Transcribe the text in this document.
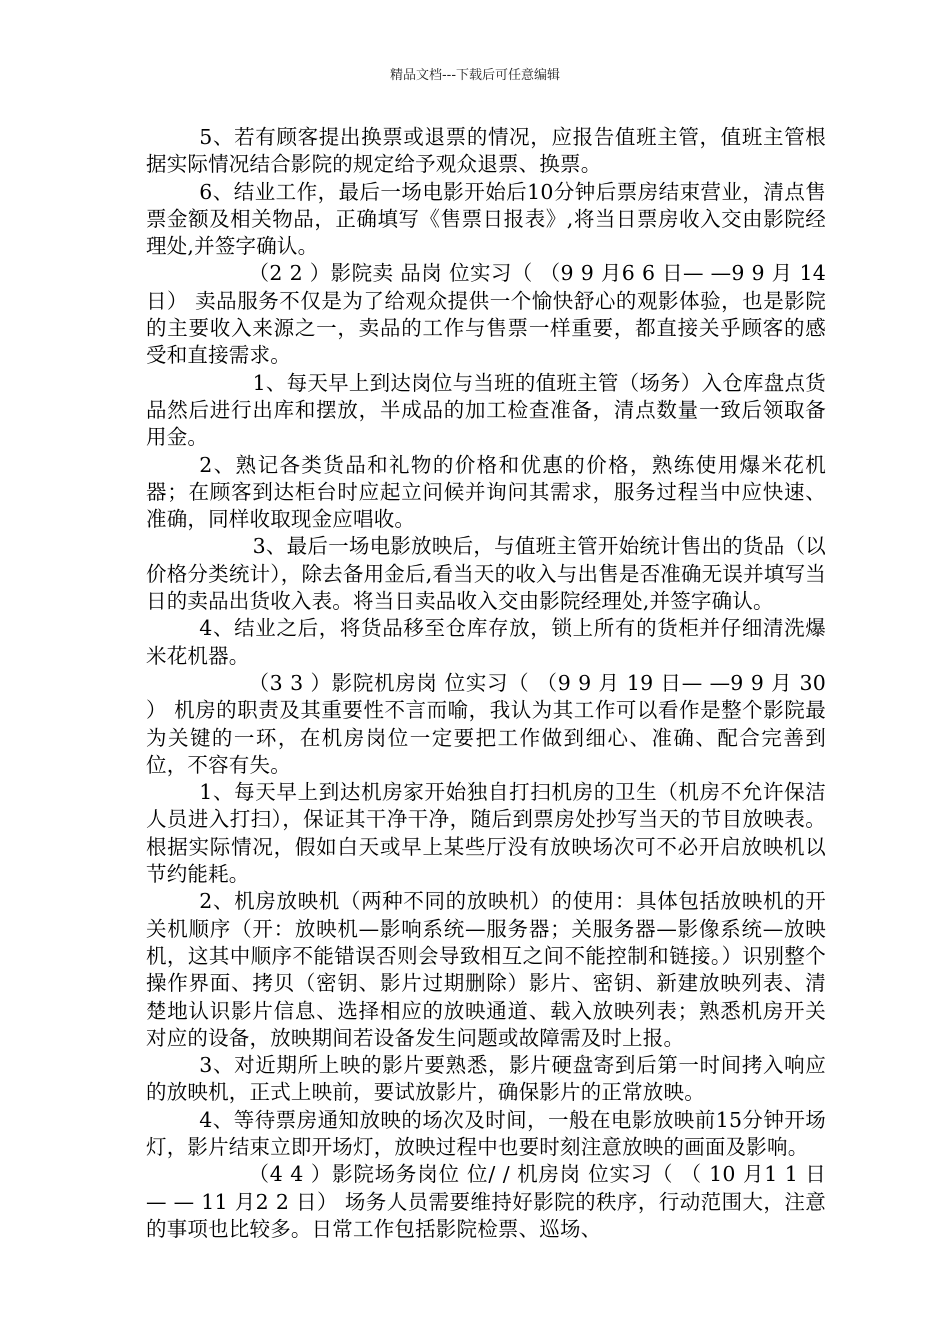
精品文档---下载后可任意编辑

5、若有顾客提出换票或退票的情况，应报告值班主管，值班主管根据实际情况结合影院的规定给予观众退票、换票。

6、结业工作，最后一场电影开始后10分钟后票房结束营业，清点售票金额及相关物品，正确填写《售票日报表》,将当日票房收入交由影院经理处,并签字确认。

（2 2 ）影院卖 品岗 位实习（ （9 9 月6 6 日— —9 9 月 14 日） 卖品服务不仅是为了给观众提供一个愉快舒心的观影体验，也是影院的主要收入来源之一，卖品的工作与售票一样重要，都直接关乎顾客的感受和直接需求。

1、每天早上到达岗位与当班的值班主管（场务）入仓库盘点货品然后进行出库和摆放，半成品的加工检查准备，清点数量一致后领取备用金。

2、熟记各类货品和礼物的价格和优惠的价格，熟练使用爆米花机器；在顾客到达柜台时应起立问候并询问其需求，服务过程当中应快速、准确，同样收取现金应唱收。

3、最后一场电影放映后，与值班主管开始统计售出的货品（以价格分类统计），除去备用金后,看当天的收入与出售是否准确无误并填写当日的卖品出货收入表。将当日卖品收入交由影院经理处,并签字确认。

4、结业之后，将货品移至仓库存放，锁上所有的货柜并仔细清洗爆米花机器。

（3 3 ）影院机房岗 位实习（ （9 9 月 19 日— —9 9 月 30 ） 机房的职责及其重要性不言而喻，我认为其工作可以看作是整个影院最为关键的一环，在机房岗位一定要把工作做到细心、准确、配合完善到位，不容有失。

1、每天早上到达机房家开始独自打扫机房的卫生（机房不允许保洁人员进入打扫），保证其干净干净，随后到票房处抄写当天的节目放映表。根据实际情况，假如白天或早上某些厅没有放映场次可不必开启放映机以节约能耗。

2、机房放映机（两种不同的放映机）的使用：具体包括放映机的开关机顺序（开：放映机—影响系统—服务器；关服务器—影像系统—放映机，这其中顺序不能错误否则会导致相互之间不能控制和链接。）识别整个操作界面、拷贝（密钥、影片过期删除）影片、密钥、新建放映列表、清楚地认识影片信息、选择相应的放映通道、载入放映列表；熟悉机房开关对应的设备，放映期间若设备发生问题或故障需及时上报。

3、对近期所上映的影片要熟悉，影片硬盘寄到后第一时间拷入响应的放映机，正式上映前，要试放影片，确保影片的正常放映。

4、等待票房通知放映的场次及时间，一般在电影放映前15分钟开场灯，影片结束立即开场灯，放映过程中也要时刻注意放映的画面及影响。

（4 4 ）影院场务岗位 位/ / 机房岗 位实习（ （ 10 月1 1 日— — 11 月2 2 日） 场务人员需要维持好影院的秩序，行动范围大，注意的事项也比较多。日常工作包括影院检票、巡场、
